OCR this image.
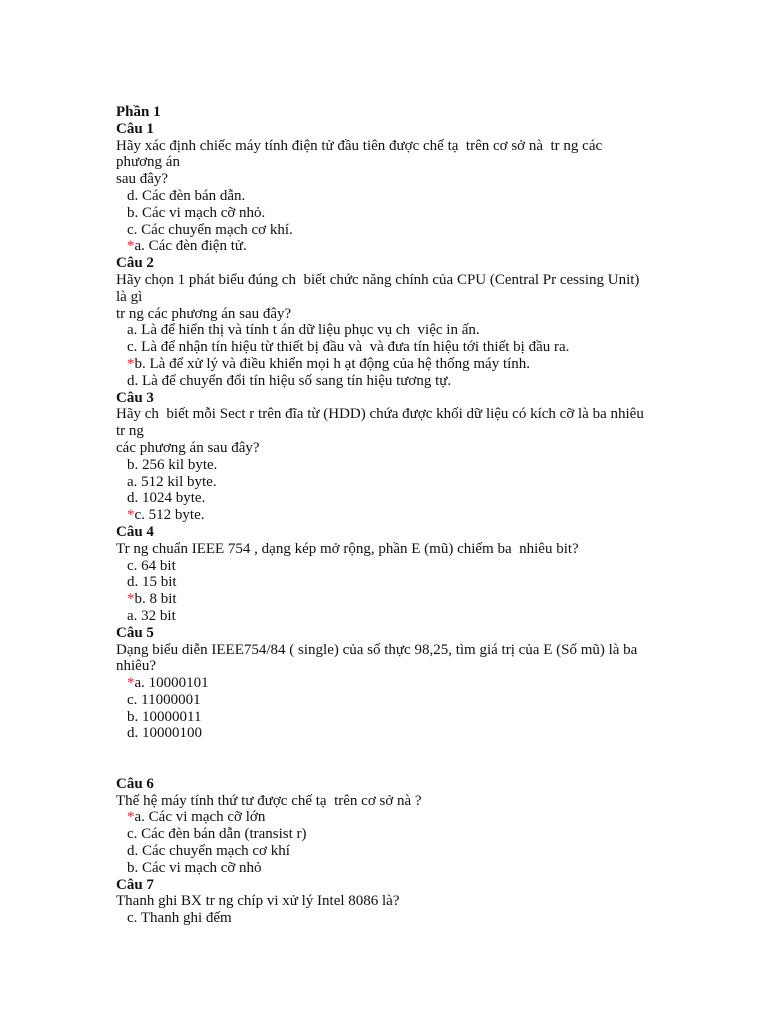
Phần 1
Câu 1
Hãy xác định chiếc máy tính điện tử đầu tiên được chế tạ  trên cơ sở nà  tr ng các phương án
sau đây?
d. Các đèn bán dẫn.
b. Các vi mạch cỡ nhỏ.
c. Các chuyển mạch cơ khí.
*a. Các đèn điện tử.
Câu 2
Hãy chọn 1 phát biểu đúng ch  biết chức năng chính của CPU (Central Pr cessing Unit) là gì
tr ng các phương án sau đây?
a. Là để hiển thị và tính t án dữ liệu phục vụ ch  việc in ấn.
c. Là để nhận tín hiệu từ thiết bị đầu và  và đưa tín hiệu tới thiết bị đầu ra.
*b. Là để xử lý và điều khiển mọi h ạt động của hệ thống máy tính.
d. Là để chuyển đổi tín hiệu số sang tín hiệu tương tự.
Câu 3
Hãy ch  biết mỗi Sect r trên đĩa từ (HDD) chứa được khối dữ liệu có kích cỡ là ba nhiêu tr ng
các phương án sau đây?
b. 256 kil byte.
a. 512 kil byte.
d. 1024 byte.
*c. 512 byte.
Câu 4
Tr ng chuẩn IEEE 754 , dạng kép mở rộng, phần E (mũ) chiếm ba  nhiêu bit?
c. 64 bit
d. 15 bit
*b. 8 bit
a. 32 bit
Câu 5
Dạng biểu diễn IEEE754/84 ( single) của số thực 98,25, tìm giá trị của E (Số mũ) là ba  nhiêu?
*a. 10000101
c. 11000001
b. 10000011
d. 10000100
Câu 6
Thế hệ máy tính thứ tư được chế tạ  trên cơ sở nà ?
*a. Các vi mạch cỡ lớn
c. Các đèn bán dẫn (transist r)
d. Các chuyển mạch cơ khí
b. Các vi mạch cỡ nhỏ
Câu 7
Thanh ghi BX tr ng chíp vi xử lý Intel 8086 là?
c. Thanh ghi đếm
